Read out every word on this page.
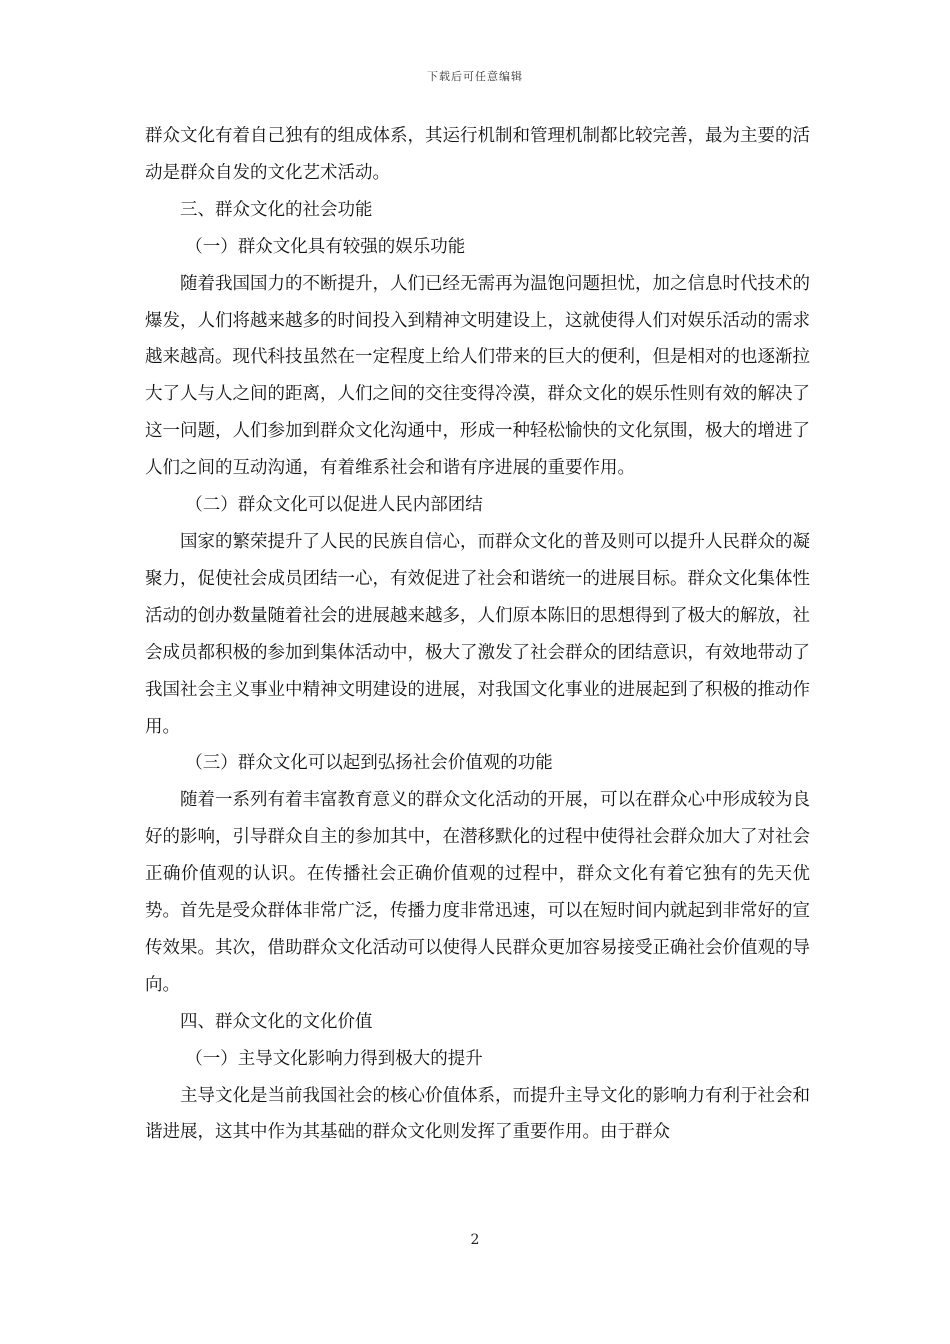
下载后可任意编辑

群众文化有着自己独有的组成体系，其运行机制和管理机制都比较完善，最为主要的活动是群众自发的文化艺术活动。

三、群众文化的社会功能

（一）群众文化具有较强的娱乐功能

随着我国国力的不断提升，人们已经无需再为温饱问题担忧，加之信息时代技术的爆发，人们将越来越多的时间投入到精神文明建设上，这就使得人们对娱乐活动的需求越来越高。现代科技虽然在一定程度上给人们带来的巨大的便利，但是相对的也逐渐拉大了人与人之间的距离，人们之间的交往变得冷漠，群众文化的娱乐性则有效的解决了这一问题，人们参加到群众文化沟通中，形成一种轻松愉快的文化氛围，极大的增进了人们之间的互动沟通，有着维系社会和谐有序进展的重要作用。

（二）群众文化可以促进人民内部团结

国家的繁荣提升了人民的民族自信心，而群众文化的普及则可以提升人民群众的凝聚力，促使社会成员团结一心，有效促进了社会和谐统一的进展目标。群众文化集体性活动的创办数量随着社会的进展越来越多，人们原本陈旧的思想得到了极大的解放，社会成员都积极的参加到集体活动中，极大了激发了社会群众的团结意识，有效地带动了我国社会主义事业中精神文明建设的进展，对我国文化事业的进展起到了积极的推动作用。

（三）群众文化可以起到弘扬社会价值观的功能

随着一系列有着丰富教育意义的群众文化活动的开展，可以在群众心中形成较为良好的影响，引导群众自主的参加其中，在潜移默化的过程中使得社会群众加大了对社会正确价值观的认识。在传播社会正确价值观的过程中，群众文化有着它独有的先天优势。首先是受众群体非常广泛，传播力度非常迅速，可以在短时间内就起到非常好的宣传效果。其次，借助群众文化活动可以使得人民群众更加容易接受正确社会价值观的导向。

四、群众文化的文化价值

（一）主导文化影响力得到极大的提升

主导文化是当前我国社会的核心价值体系，而提升主导文化的影响力有利于社会和谐进展，这其中作为其基础的群众文化则发挥了重要作用。由于群众

2
